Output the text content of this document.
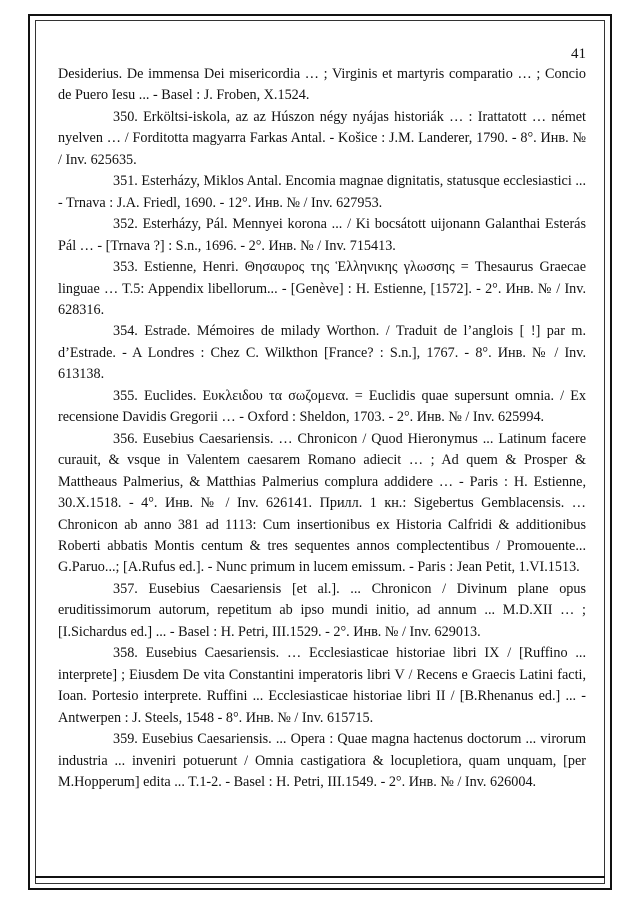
41

Desiderius. De immensa Dei misericordia … ; Virginis et martyris comparatio … ; Concio de Puero Iesu ... - Basel : J. Froben, X.1524.

350. Erköltsi-iskola, az az Húszon négy nyájas historiák … : Irattatott … német nyelven … / Forditotta magyarra Farkas Antal. - Košice : J.M. Landerer, 1790. - 8°. Инв. № / Inv. 625635.

351. Esterházy, Miklos Antal. Encomia magnae dignitatis, statusque ecclesiastici ... - Trnava : J.A. Friedl, 1690. - 12°. Инв. № / Inv. 627953.

352. Esterházy, Pál. Mennyei korona ... / Ki bocsátott uijonann Galanthai Esterás Pál … - [Trnava ?] : S.n., 1696. - 2°. Инв. № / Inv. 715413.

353. Estienne, Henri. Θησαυρος της Ἑλληνικης γλωσσης = Thesaurus Graecae linguae … T.5: Appendix libellorum... - [Genève] : H. Estienne, [1572]. - 2°. Инв. № / Inv. 628316.

354. Estrade. Mémoires de milady Worthon. / Traduit de l’anglois [ !] par m. d’Estrade. - A Londres : Chez C. Wilkthon [France? : S.n.], 1767. - 8°. Инв. № / Inv. 613138.

355. Euclides. Ευκλειδου τα σωζομενα. = Euclidis quae supersunt omnia. / Ex recensione Davidis Gregorii … - Oxford : Sheldon, 1703. - 2°. Инв. № / Inv. 625994.

356. Eusebius Caesariensis. … Chronicon / Quod Hieronymus ... Latinum facere curauit, & vsque in Valentem caesarem Romano adiecit … ; Ad quem & Prosper & Mattheaus Palmerius, & Matthias Palmerius complura addidere … - Paris : H. Estienne, 30.X.1518. - 4°. Инв. № / Inv. 626141. Прилл. 1 кн.: Sigebertus Gemblacensis. …Chronicon ab anno 381 ad 1113: Cum insertionibus ex Historia Calfridi & additionibus Roberti abbatis Montis centum & tres sequentes annos complectentibus / Promouente... G.Paruo...; [A.Rufus ed.]. - Nunc primum in lucem emissum. - Paris : Jean Petit, 1.VI.1513.

357. Eusebius Caesariensis [et al.]. ... Chronicon / Divinum plane opus eruditissimorum autorum, repetitum ab ipso mundi initio, ad annum ... M.D.XII … ; [I.Sichardus ed.] ... - Basel : H. Petri, III.1529. - 2°. Инв. № / Inv. 629013.

358. Eusebius Caesariensis. … Ecclesiasticae historiae libri IX / [Ruffino ... interprete] ; Eiusdem De vita Constantini imperatoris libri V / Recens e Graecis Latini facti, Ioan. Portesio interprete. Ruffini ... Ecclesiasticae historiae libri II / [B.Rhenanus ed.] ... - Antwerpen : J. Steels, 1548 - 8°. Инв. № / Inv. 615715.

359. Eusebius Caesariensis. ... Opera : Quae magna hactenus doctorum ... virorum industria ... inveniri potuerunt / Omnia castigatiora & locupletiora, quam unquam, [per M.Hopperum] edita ... T.1-2. - Basel : H. Petri, III.1549. - 2°. Инв. № / Inv. 626004.
